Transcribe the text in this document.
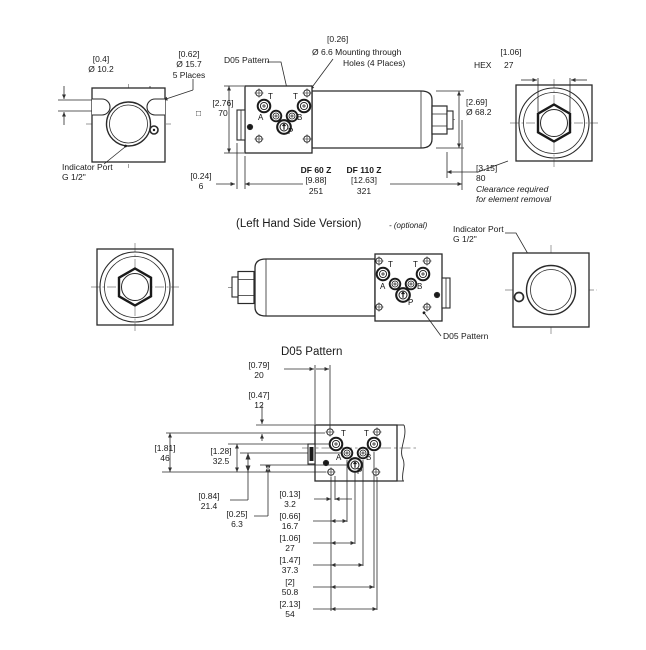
[0.4]
Ø 10.2
[0.62]
Ø 15.7
5 Places
Indicator Port
G 1/2"
D05 Pattern
[0.26]
Ø 6.6 Mounting through
Holes (4 Places)
□
[2.76]
70
[0.24]
6
DF 60 Z
[9.88]
251
DF 110 Z
[12.63]
321
[2.69]
Ø 68.2
[3.15]
80
Clearance required
for element removal
HEX
[1.06]
27
(Left Hand Side Version)	- (optional)	Indicator Port
G 1/2"
D05 Pattern
D05 Pattern
[0.79]
20
[0.47]
12
[1.81]
46
[1.28]
32.5
[0.84]
21.4
[0.25]
6.3
[0.13]
3.2
[0.66]
16.7
[1.06]
27
[1.47]
37.3
[2]
50.8
[2.13]
54
T	T
A	B
P
T	T
A	B
P
T T
A	B
P
